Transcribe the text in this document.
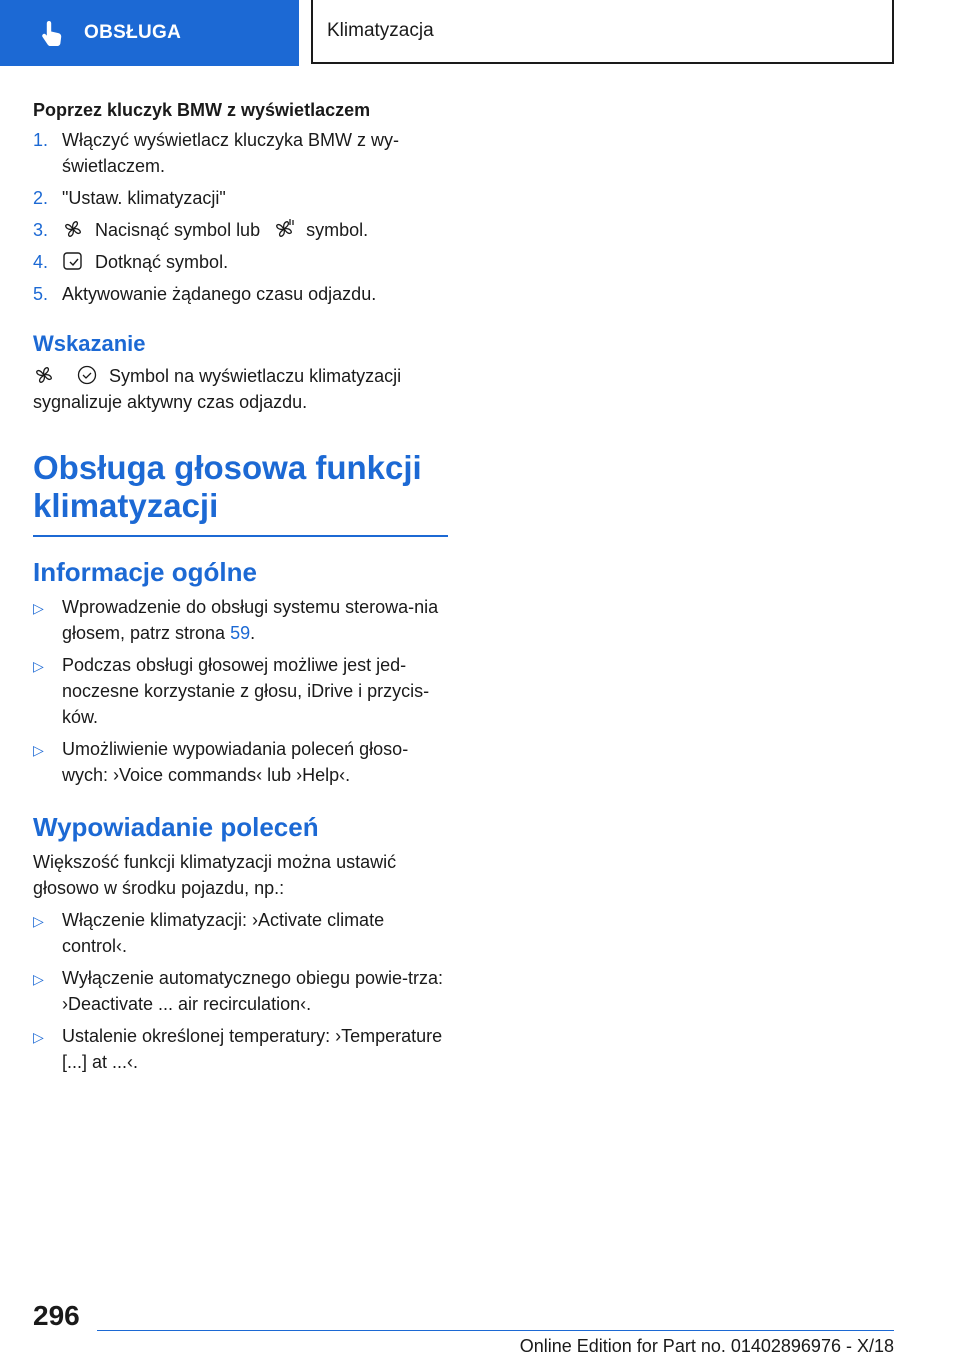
OBSŁUGA	Klimatyzacja

Poprzez kluczyk BMW z wyświetlaczem

1. Włączyć wyświetlacz kluczyka BMW z wy-świetlaczem.
2. "Ustaw. klimatyzacji"
3.	Nacisnąć symbol lub	symbol.
4.	Dotknąć symbol.
5. Aktywowanie żądanego czasu odjazdu.
Wskazanie

Symbol na wyświetlaczu klimatyzacji sygnalizuje aktywny czas odjazdu.

Obsługa głosowa funkcji klimatyzacji
Informacje ogólne
▷ Wprowadzenie do obsługi systemu sterowa-nia głosem, patrz strona 59.
▷ Podczas obsługi głosowej możliwe jest jed-noczesne korzystanie z głosu, iDrive i przycis-ków.
▷ Umożliwienie wypowiadania poleceń głoso-wych: ›Voice commands‹ lub ›Help‹.
Wypowiadanie poleceń

Większość funkcji klimatyzacji można ustawić głosowo w środku pojazdu, np.:

▷ Włączenie klimatyzacji: ›Activate climate control‹.
▷ Wyłączenie automatycznego obiegu powie-trza: ›Deactivate ... air recirculation‹.
▷ Ustalenie określonej temperatury: ›Temperature [...] at ...‹.
296
Online Edition for Part no. 01402896976 - X/18
